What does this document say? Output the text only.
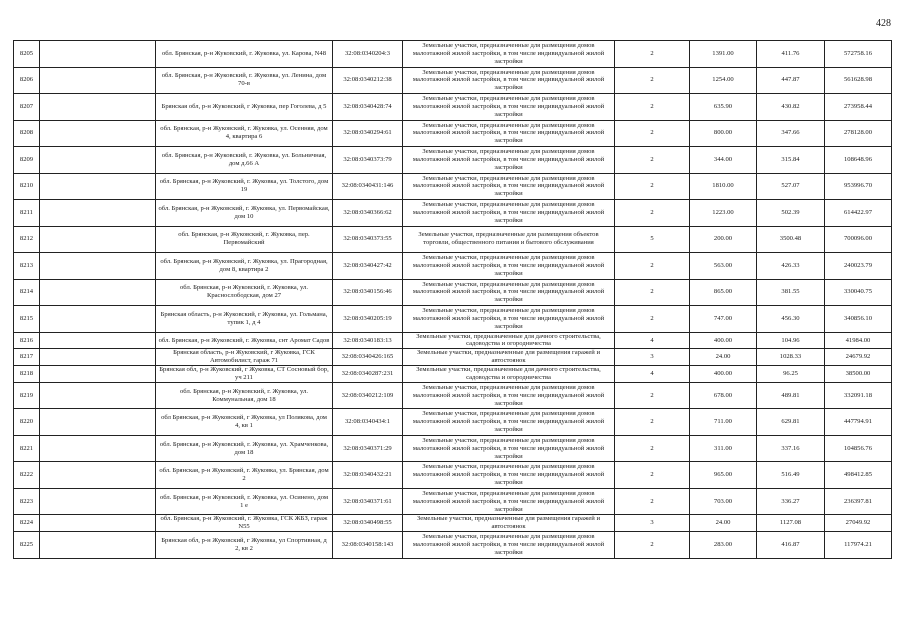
428
8205		обл. Брянская, р-н Жуковский, г. Жуковка, ул. Карова, N48	32:08:0340204:3	Земельные участки, предназначенные для размещения домов малоэтажной жилой застройки, в том числе индивидуальной жилой застройки	2	1391.00	411.76	572758.16
8206		обл. Брянская, р-н Жуковский, г. Жуковка, ул. Ленина, дом 70-в	32:08:0340212:38	Земельные участки, предназначенные для размещения домов малоэтажной жилой застройки, в том числе индивидуальной жилой застройки	2	1254.00	447.87	561628.98
8207		Брянская обл, р-н Жуковский, г Жуковка, пер Гоголева, д 5	32:08:0340428:74	Земельные участки, предназначенные для размещения домов малоэтажной жилой застройки, в том числе индивидуальной жилой застройки	2	635.90	430.82	273958.44
8208		обл. Брянская, р-н Жуковский, г. Жуковка, ул. Осенняя, дом 4, квартира 6	32:08:0340294:61	Земельные участки, предназначенные для размещения домов малоэтажной жилой застройки, в том числе индивидуальной жилой застройки	2	800.00	347.66	278128.00
8209		обл. Брянская, р-н Жуковский, г. Жуковка, ул. Больничная, дом д.66 А	32:08:0340373:79	Земельные участки, предназначенные для размещения домов малоэтажной жилой застройки, в том числе индивидуальной жилой застройки	2	344.00	315.84	108648.96
8210		обл. Брянская, р-н Жуковский, г. Жуковка, ул. Толстого, дом 19	32:08:0340431:146	Земельные участки, предназначенные для размещения домов малоэтажной жилой застройки, в том числе индивидуальной жилой застройки	2	1810.00	527.07	953996.70
8211		обл. Брянская, р-н Жуковский, г. Жуковка, ул. Первомайская, дом 10	32:08:0340366:62	Земельные участки, предназначенные для размещения домов малоэтажной жилой застройки, в том числе индивидуальной жилой застройки	2	1223.00	502.39	614422.97
8212		обл. Брянская, р-н Жуковский, г. Жуковка, пер. Первомайский	32:08:0340373:55	Земельные участки, предназначенные для размещения объектов торговли, общественного питания и бытового обслуживания	5	200.00	3500.48	700096.00
8213		обл. Брянская, р-н Жуковский, г. Жуковка, ул. Прагородная, дом 8, квартира 2	32:08:0340427:42	Земельные участки, предназначенные для размещения домов малоэтажной жилой застройки, в том числе индивидуальной жилой застройки	2	563.00	426.33	240023.79
8214		обл. Брянская, р-н Жуковский, г. Жуковка, ул. Краснослободская, дом 27	32:08:0340156:46	Земельные участки, предназначенные для размещения домов малоэтажной жилой застройки, в том числе индивидуальной жилой застройки	2	865.00	381.55	330040.75
8215		Брянская область, р-н Жуковский, г Жуковка, ул. Гольмана, тупик 1, д 4	32:08:0340205:19	Земельные участки, предназначенные для размещения домов малоэтажной жилой застройки, в том числе индивидуальной жилой застройки	2	747.00	456.30	340856.10
8216		обл. Брянская, р-н Жуковский, г. Жуковка, снт Аромат Садов	32:08:0340183:13	Земельные участки, предназначенные для дачного строительства, садоводства и огородничества	4	400.00	104.96	41984.00
8217		Брянская область, р-н Жуковский, г Жуковка, ГСК Автомобилист, гараж 71	32:08:0340426:165	Земельные участки, предназначенные для размещения гаражей и автостоянок	3	24.00	1028.33	24679.92
8218		Брянская обл, р-н Жуковский, г Жуковка, СТ Сосновый бор, уч 211	32:08:0340287:231	Земельные участки, предназначенные для дачного строительства, садоводства и огородничества	4	400.00	96.25	38500.00
8219		обл. Брянская, р-н Жуковский, г. Жуковка, ул. Коммунальная, дом 18	32:08:0340212:109	Земельные участки, предназначенные для размещения домов малоэтажной жилой застройки, в том числе индивидуальной жилой застройки	2	678.00	489.81	332091.18
8220		обл Брянская, р-н Жуковский, г Жуковка, ул Полякова, дом 4, кв 1	32:08:0340434:1	Земельные участки, предназначенные для размещения домов малоэтажной жилой застройки, в том числе индивидуальной жилой застройки	2	711.00	629.81	447794.91
8221		обл. Брянская, р-н Жуковский, г. Жуковка, ул. Храмченкова, дом 18	32:08:0340371:29	Земельные участки, предназначенные для размещения домов малоэтажной жилой застройки, в том числе индивидуальной жилой застройки	2	311.00	337.16	104856.76
8222		обл. Брянская, р-н Жуковский, г. Жуковка, ул. Брянская, дом 2	32:08:0340432:21	Земельные участки, предназначенные для размещения домов малоэтажной жилой застройки, в том числе индивидуальной жилой застройки	2	965.00	516.49	498412.85
8223		обл. Брянская, р-н Жуковский, г. Жуковка, ул. Осинено, дом 1 е	32:08:0340371:61	Земельные участки, предназначенные для размещения домов малоэтажной жилой застройки, в том числе индивидуальной жилой застройки	2	703.00	336.27	236397.81
8224		обл. Брянская, р-н Жуковский, г. Жуковка, ГСК ЖБЗ, гараж N55	32:08:0340498:55	Земельные участки, предназначенные для размещения гаражей и автостоянок	3	24.00	1127.08	27049.92
8225		Брянская обл, р-н Жуковский, г Жуковка, ул Спортивная, д 2, кв 2	32:08:0340158:143	Земельные участки, предназначенные для размещения домов малоэтажной жилой застройки, в том числе индивидуальной жилой застройки	2	283.00	416.87	117974.21
